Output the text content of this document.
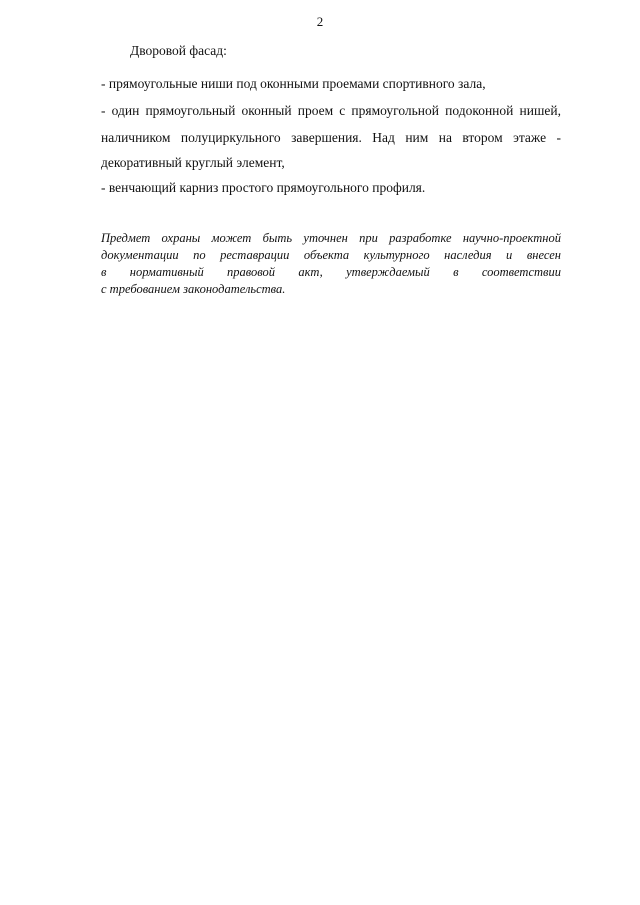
2
Дворовой фасад:
- прямоугольные ниши под оконными проемами спортивного зала,
- один прямоугольный оконный проем с прямоугольной подоконной нишей,
наличником полуциркульного завершения. Над ним на втором этаже -
декоративный круглый элемент,
- венчающий карниз простого прямоугольного профиля.
Предмет охраны может быть уточнен при разработке научно-проектной
документации по реставрации объекта культурного наследия и внесен
в нормативный правовой акт, утверждаемый в соответствии
с требованием законодательства.
